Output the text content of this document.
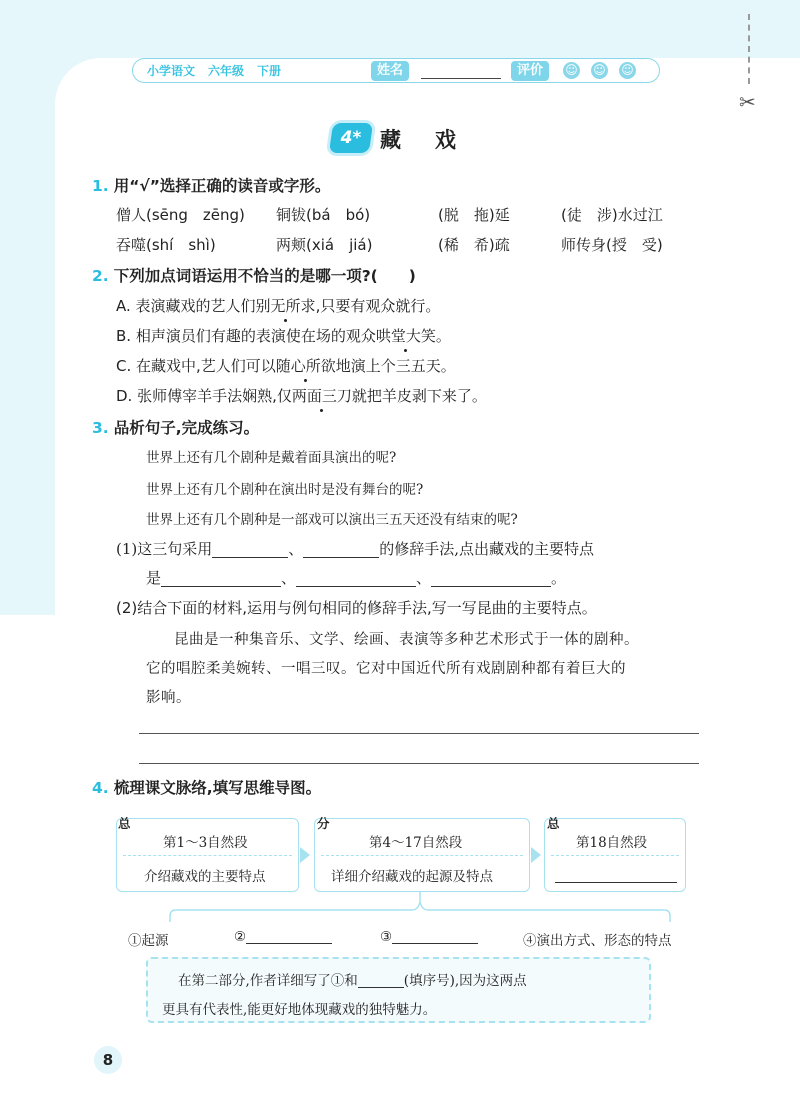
✂
小学语文 六年级 下册	姓名	评价	☺ ☺ ☺
4* 藏戏
1. 用“√”选择正确的读音或字形。
僧人(sēng　zēng) 铜钹(bá　bó)	(脱　拖)延	(徒　涉)水过江
吞噬(shí　shì)	两颊(xiá　jiá)	(稀　希)疏	师传身(授　受)
2. 下列加点词语运用不恰当的是哪一项?(　　)
A. 表演藏戏的艺人们别无所求,只要有观众就行。
B. 相声演员们有趣的表演使在场的观众哄堂大笑。
C. 在藏戏中,艺人们可以随心所欲地演上个三五天。
D. 张师傅宰羊手法娴熟,仅两面三刀就把羊皮剥下来了。
3. 品析句子,完成练习。
世界上还有几个剧种是戴着面具演出的呢?
世界上还有几个剧种在演出时是没有舞台的呢?
世界上还有几个剧种是一部戏可以演出三五天还没有结束的呢?
(1)这三句采用	、	的修辞手法,点出藏戏的主要特点
是	、	、	。
(2)结合下面的材料,运用与例句相同的修辞手法,写一写昆曲的主要特点。
昆曲是一种集音乐、文学、绘画、表演等多种艺术形式于一体的剧种。
它的唱腔柔美婉转、一唱三叹。它对中国近代所有戏剧剧种都有着巨大的
影响。
4. 梳理课文脉络,填写思维导图。
第1～3自然段
介绍藏戏的主要特点
总
第4～17自然段
详细介绍藏戏的起源及特点
分
第18自然段
总
①起源	②	③	④演出方式、形态的特点
在第二部分,作者详细写了①和	(填序号),因为这两点
更具有代表性,能更好地体现藏戏的独特魅力。
8
